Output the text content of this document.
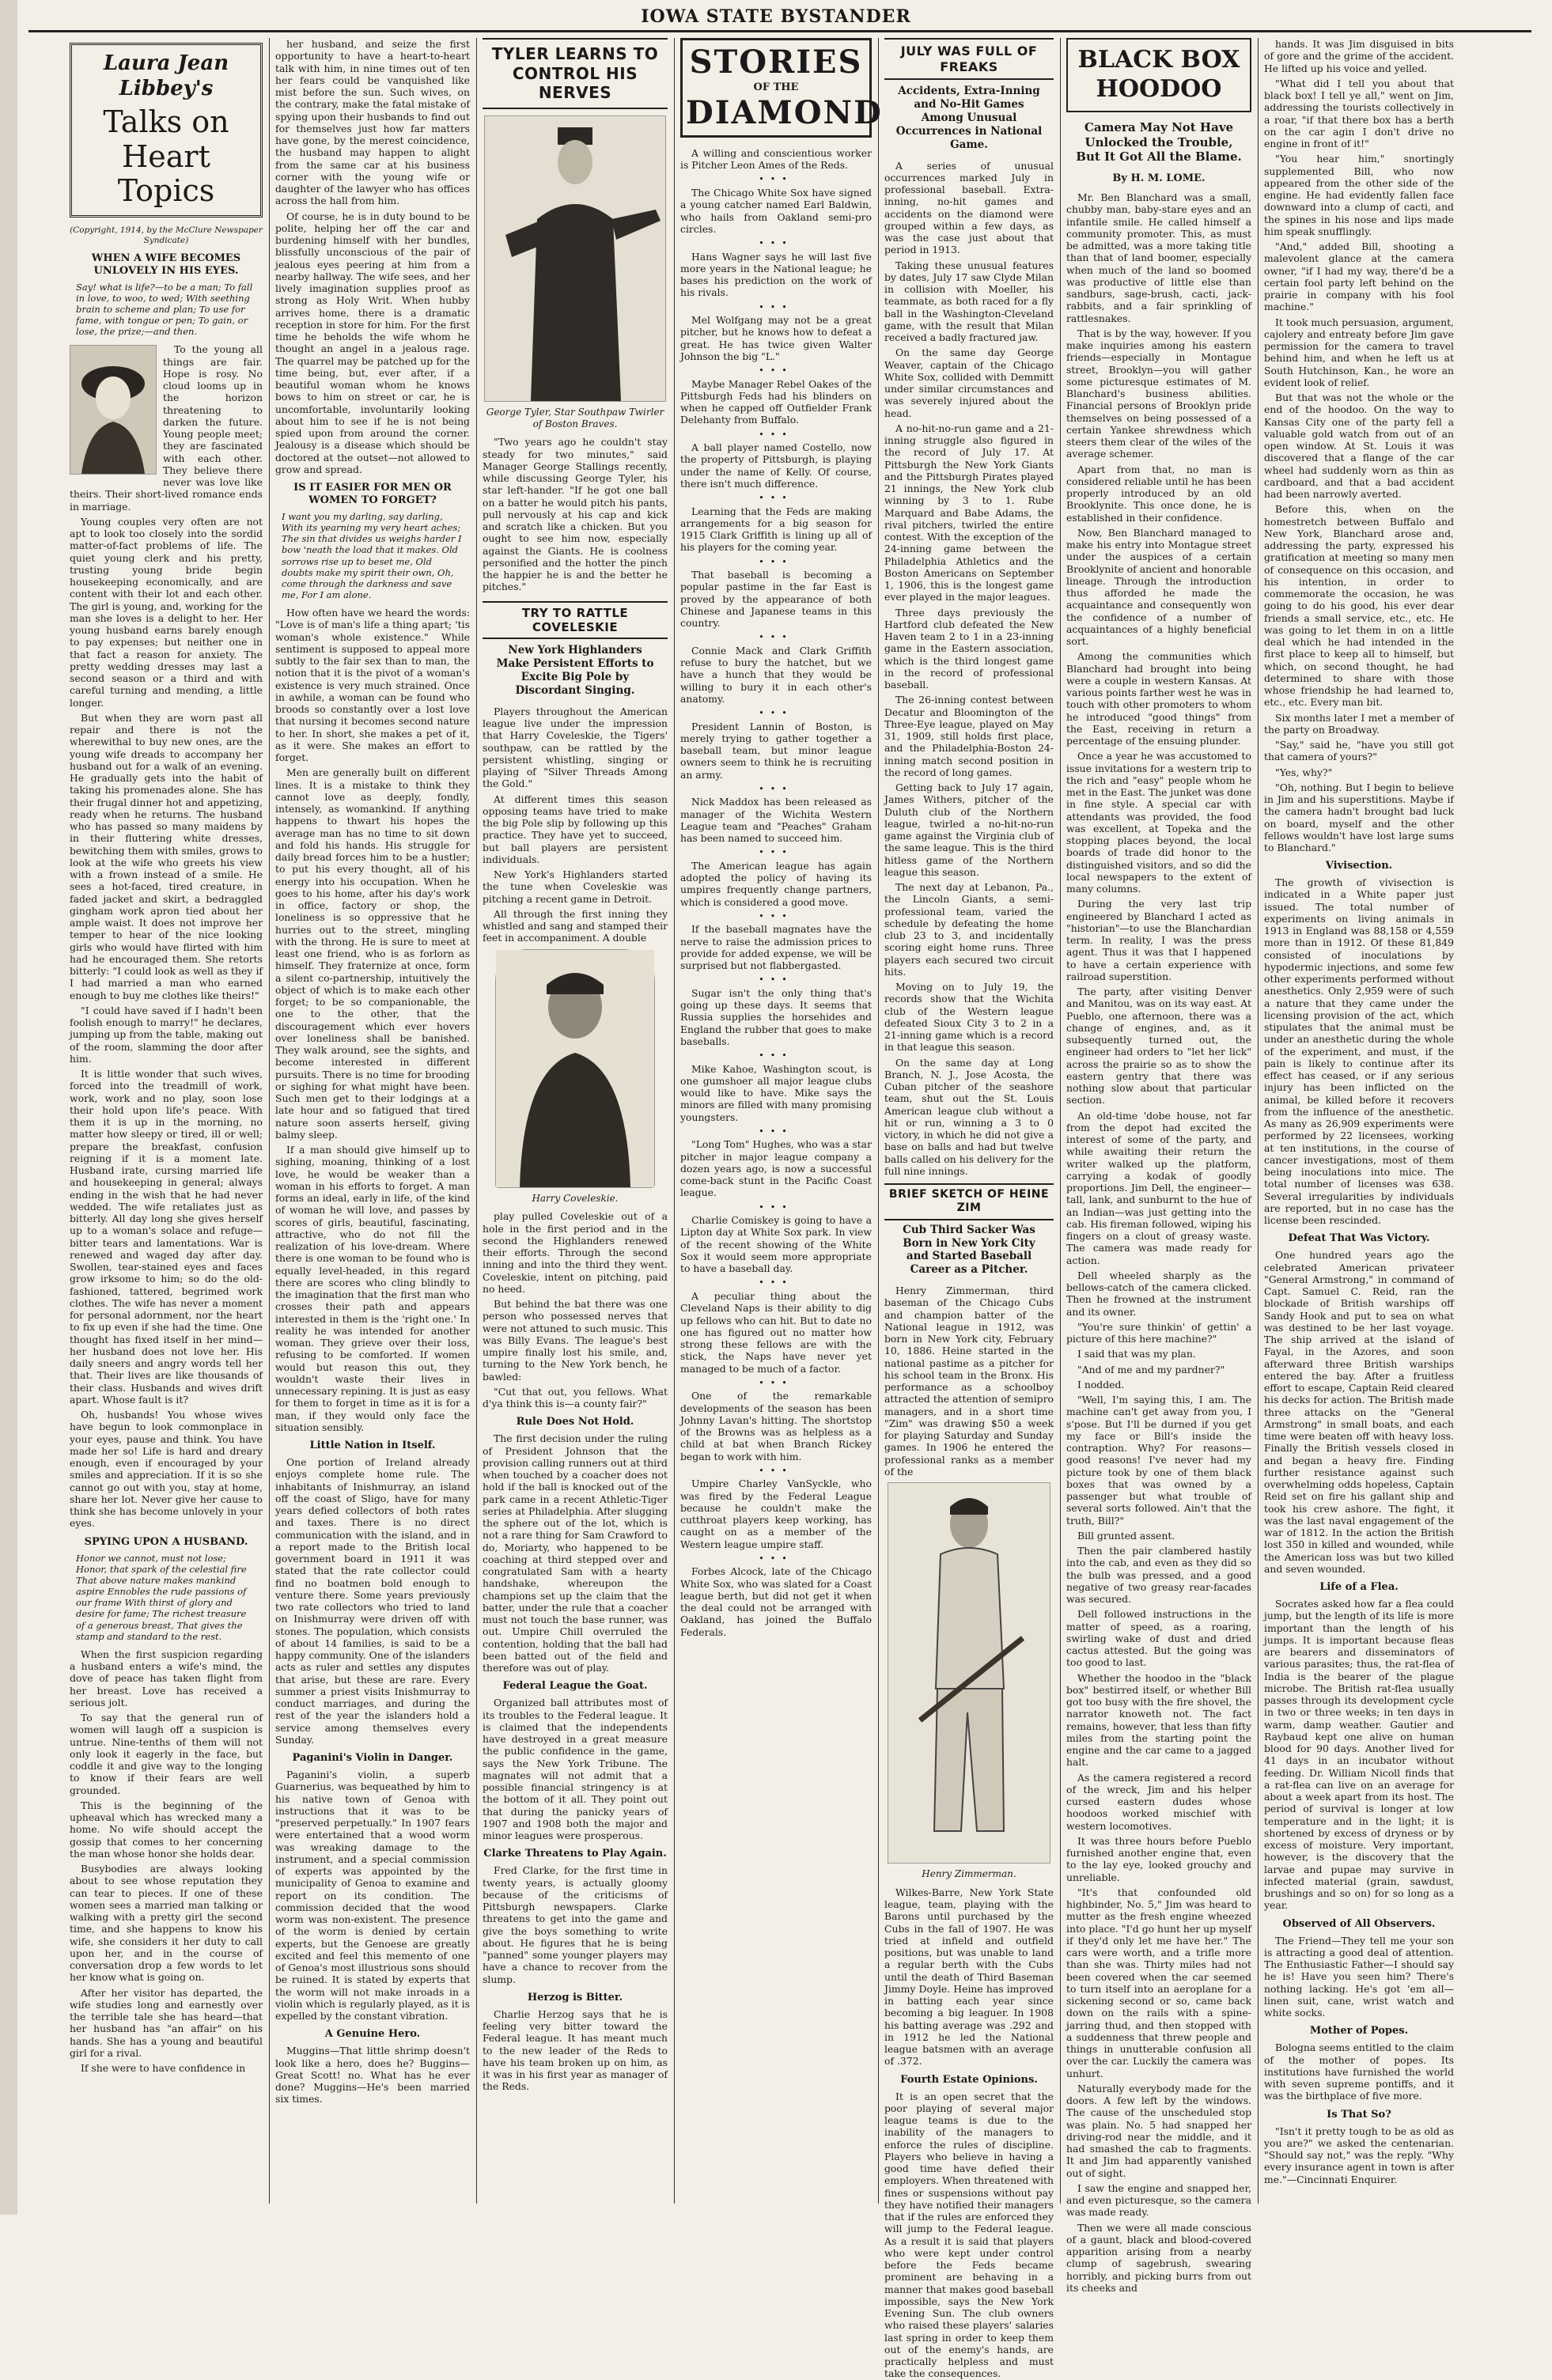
IOWA STATE BYSTANDER
Laura Jean Libbey's
Talks on Heart Topics
(Copyright, 1914, by the McClure Newspaper Syndicate)
WHEN A WIFE BECOMES UNLOVELY IN HIS EYES.
Say! what is life?—to be a man; To fall in love, to woo, to wed; With seething brain to scheme and plan; To use for fame, with tongue or pen; To gain, or lose, the prize;—and then.

To the young all things are fair. Hope is rosy. No cloud looms up in the horizon threatening to darken the future. Young people meet; they are fascinated with each other. They believe there never was love like theirs. Their short-lived romance ends in marriage.

Young couples very often are not apt to look too closely into the sordid matter-of-fact problems of life. The quiet young clerk and his pretty, trusting young bride begin housekeeping economically, and are content with their lot and each other. The girl is young, and, working for the man she loves is a delight to her. Her young husband earns barely enough to pay expenses; but neither one in that fact a reason for anxiety. The pretty wedding dresses may last a second season or a third and with careful turning and mending, a little longer.

But when they are worn past all repair and there is not the wherewithal to buy new ones, are the young wife dreads to accompany her husband out for a walk of an evening. He gradually gets into the habit of taking his promenades alone. She has their frugal dinner hot and appetizing, ready when he returns. The husband who has passed so many maidens by in their fluttering white dresses, bewitching them with smiles, grows to look at the wife who greets his view with a frown instead of a smile. He sees a hot-faced, tired creature, in faded jacket and skirt, a bedraggled gingham work apron tied about her ample waist. It does not improve her temper to hear of the nice looking girls who would have flirted with him had he encouraged them. She retorts bitterly: "I could look as well as they if I had married a man who earned enough to buy me clothes like theirs!"

"I could have saved if I hadn't been foolish enough to marry!" he declares, jumping up from the table, making out of the room, slamming the door after him.

It is little wonder that such wives, forced into the treadmill of work, work, work and no play, soon lose their hold upon life's peace. With them it is up in the morning, no matter how sleepy or tired, ill or well; prepare the breakfast, confusion reigning if it is a moment late. Husband irate, cursing married life and housekeeping in general; always ending in the wish that he had never wedded. The wife retaliates just as bitterly. All day long she gives herself up to a woman's solace and refuge—bitter tears and lamentations. War is renewed and waged day after day. Swollen, tear-stained eyes and faces grow irksome to him; so do the old-fashioned, tattered, begrimed work clothes. The wife has never a moment for personal adornment, nor the heart to fix up even if she had the time. One thought has fixed itself in her mind—her husband does not love her. His daily sneers and angry words tell her that. Their lives are like thousands of their class. Husbands and wives drift apart. Whose fault is it?

Oh, husbands! You whose wives have begun to look commonplace in your eyes, pause and think. You have made her so! Life is hard and dreary enough, even if encouraged by your smiles and appreciation. If it is so she cannot go out with you, stay at home, share her lot. Never give her cause to think she has become unlovely in your eyes.

SPYING UPON A HUSBAND.
Honor we cannot, must not lose; Honor, that spark of the celestial fire That above nature makes mankind aspire Ennobles the rude passions of our frame With thirst of glory and desire for fame; The richest treasure of a generous breast, That gives the stamp and standard to the rest.

When the first suspicion regarding a husband enters a wife's mind, the dove of peace has taken flight from her breast. Love has received a serious jolt.

To say that the general run of women will laugh off a suspicion is untrue. Nine-tenths of them will not only look it eagerly in the face, but coddle it and give way to the longing to know if their fears are well grounded.

This is the beginning of the upheaval which has wrecked many a home. No wife should accept the gossip that comes to her concerning the man whose honor she holds dear.

Busybodies are always looking about to see whose reputation they can tear to pieces. If one of these women sees a married man talking or walking with a pretty girl the second time, and she happens to know his wife, she considers it her duty to call upon her, and in the course of conversation drop a few words to let her know what is going on.

After her visitor has departed, the wife studies long and earnestly over the terrible tale she has heard—that her husband has "an affair" on his hands. She has a young and beautiful girl for a rival.

If she were to have confidence in

her husband, and seize the first opportunity to have a heart-to-heart talk with him, in nine times out of ten her fears could be vanquished like mist before the sun. Such wives, on the contrary, make the fatal mistake of spying upon their husbands to find out for themselves just how far matters have gone, by the merest coincidence, the husband may happen to alight from the same car at his business corner with the young wife or daughter of the lawyer who has offices across the hall from him.

Of course, he is in duty bound to be polite, helping her off the car and burdening himself with her bundles, blissfully unconscious of the pair of jealous eyes peering at him from a nearby hallway. The wife sees, and her lively imagination supplies proof as strong as Holy Writ. When hubby arrives home, there is a dramatic reception in store for him. For the first time he beholds the wife whom he thought an angel in a jealous rage. The quarrel may be patched up for the time being, but, ever after, if a beautiful woman whom he knows bows to him on street or car, he is uncomfortable, involuntarily looking about him to see if he is not being spied upon from around the corner. Jealousy is a disease which should be doctored at the outset—not allowed to grow and spread.

IS IT EASIER FOR MEN OR WOMEN TO FORGET?
I want you my darling, say darling, With its yearning my very heart aches; The sin that divides us weighs harder I bow 'neath the load that it makes. Old sorrows rise up to beset me, Old doubts make my spirit their own, Oh, come through the darkness and save me, For I am alone.

How often have we heard the words: "Love is of man's life a thing apart; 'tis woman's whole existence." While sentiment is supposed to appeal more subtly to the fair sex than to man, the notion that it is the pivot of a woman's existence is very much strained. Once in awhile, a woman can be found who broods so constantly over a lost love that nursing it becomes second nature to her. In short, she makes a pet of it, as it were. She makes an effort to forget.

Men are generally built on different lines. It is a mistake to think they cannot love as deeply, fondly, intensely, as womankind. If anything happens to thwart his hopes the average man has no time to sit down and fold his hands. His struggle for daily bread forces him to be a hustler; to put his every thought, all of his energy into his occupation. When he goes to his home, after his day's work in office, factory or shop, the loneliness is so oppressive that he hurries out to the street, mingling with the throng. He is sure to meet at least one friend, who is as forlorn as himself. They fraternize at once, form a silent co-partnership, intuitively the object of which is to make each other forget; to be so companionable, the one to the other, that the discouragement which ever hovers over loneliness shall be banished. They walk around, see the sights, and become interested in different pursuits. There is no time for brooding or sighing for what might have been. Such men get to their lodgings at a late hour and so fatigued that tired nature soon asserts herself, giving balmy sleep.

If a man should give himself up to sighing, moaning, thinking of a lost love, he would be weaker than a woman in his efforts to forget. A man forms an ideal, early in life, of the kind of woman he will love, and passes by scores of girls, beautiful, fascinating, attractive, who do not fill the realization of his love-dream. Where there is one woman to be found who is equally level-headed, in this regard there are scores who cling blindly to the imagination that the first man who crosses their path and appears interested in them is the 'right one.' In reality he was intended for another woman. They grieve over their loss, refusing to be comforted. If women would but reason this out, they wouldn't waste their lives in unnecessary repining. It is just as easy for them to forget in time as it is for a man, if they would only face the situation sensibly.

Little Nation in Itself.

One portion of Ireland already enjoys complete home rule. The inhabitants of Inishmurray, an island off the coast of Sligo, have for many years defied collectors of both rates and taxes. There is no direct communication with the island, and in a report made to the British local government board in 1911 it was stated that the rate collector could find no boatmen bold enough to venture there. Some years previously two rate collectors who tried to land on Inishmurray were driven off with stones. The population, which consists of about 14 families, is said to be a happy community. One of the islanders acts as ruler and settles any disputes that arise, but these are rare. Every summer a priest visits Inishmurray to conduct marriages, and during the rest of the year the islanders hold a service among themselves every Sunday.

Paganini's Violin in Danger.

Paganini's violin, a superb Guarnerius, was bequeathed by him to his native town of Genoa with instructions that it was to be "preserved perpetually." In 1907 fears were entertained that a wood worm was wreaking damage to the instrument, and a special commission of experts was appointed by the municipality of Genoa to examine and report on its condition. The commission decided that the wood worm was non-existent. The presence of the worm is denied by certain experts, but the Genoese are greatly excited and feel this memento of one of Genoa's most illustrious sons should be ruined. It is stated by experts that the worm will not make inroads in a violin which is regularly played, as it is expelled by the constant vibration.

A Genuine Hero.

Muggins—That little shrimp doesn't look like a hero, does he? Buggins—Great Scott! no. What has he ever done? Muggins—He's been married six times.

TYLER LEARNS TO CONTROL HIS NERVES
George Tyler, Star Southpaw Twirler of Boston Braves.

"Two years ago he couldn't stay steady for two minutes," said Manager George Stallings recently, while discussing George Tyler, his star left-hander. "If he got one ball on a batter he would pitch his pants, pull nervously at his cap and kick and scratch like a chicken. But you ought to see him now, especially against the Giants. He is coolness personified and the hotter the pinch the happier he is and the better he pitches."

TRY TO RATTLE COVELESKIE
New York Highlanders Make Persistent Efforts to Excite Big Pole by Discordant Singing.

Players throughout the American league live under the impression that Harry Coveleskie, the Tigers' southpaw, can be rattled by the persistent whistling, singing or playing of "Silver Threads Among the Gold."

At different times this season opposing teams have tried to make the big Pole slip by following up this practice. They have yet to succeed, but ball players are persistent individuals.

New York's Highlanders started the tune when Coveleskie was pitching a recent game in Detroit.

All through the first inning they whistled and sang and stamped their feet in accompaniment. A double

Harry Coveleskie.

play pulled Coveleskie out of a hole in the first period and in the second the Highlanders renewed their efforts. Through the second inning and into the third they went. Coveleskie, intent on pitching, paid no heed.

But behind the bat there was one person who possessed nerves that were not attuned to such music. This was Billy Evans. The league's best umpire finally lost his smile, and, turning to the New York bench, he bawled:

"Cut that out, you fellows. What d'ya think this is—a county fair?"

Rule Does Not Hold.

The first decision under the ruling of President Johnson that the provision calling runners out at third when touched by a coacher does not hold if the ball is knocked out of the park came in a recent Athletic-Tiger series at Philadelphia. After slugging the sphere out of the lot, which is not a rare thing for Sam Crawford to do, Moriarty, who happened to be coaching at third stepped over and congratulated Sam with a hearty handshake, whereupon the champions set up the claim that the batter, under the rule that a coacher must not touch the base runner, was out. Umpire Chill overruled the contention, holding that the ball had been batted out of the field and therefore was out of play.

Federal League the Goat.

Organized ball attributes most of its troubles to the Federal league. It is claimed that the independents have destroyed in a great measure the public confidence in the game, says the New York Tribune. The magnates will not admit that a possible financial stringency is at the bottom of it all. They point out that during the panicky years of 1907 and 1908 both the major and minor leagues were prosperous.

Clarke Threatens to Play Again.

Fred Clarke, for the first time in twenty years, is actually gloomy because of the criticisms of Pittsburgh newspapers. Clarke threatens to get into the game and give the boys something to write about. He figures that he is being "panned" some younger players may have a chance to recover from the slump.

Herzog is Bitter.

Charlie Herzog says that he is feeling very bitter toward the Federal league. It has meant much to the new leader of the Reds to have his team broken up on him, as it was in his first year as manager of the Reds.

STORIES
OF THE
DIAMOND

A willing and conscientious worker is Pitcher Leon Ames of the Reds.

•••

The Chicago White Sox have signed a young catcher named Earl Baldwin, who hails from Oakland semi-pro circles.

•••

Hans Wagner says he will last five more years in the National league; he bases his prediction on the work of his rivals.

•••

Mel Wolfgang may not be a great pitcher, but he knows how to defeat a great. He has twice given Walter Johnson the big "L."

•••

Maybe Manager Rebel Oakes of the Pittsburgh Feds had his blinders on when he capped off Outfielder Frank Delehanty from Buffalo.

•••

A ball player named Costello, now the property of Pittsburgh, is playing under the name of Kelly. Of course, there isn't much difference.

•••

Learning that the Feds are making arrangements for a big season for 1915 Clark Griffith is lining up all of his players for the coming year.

•••

That baseball is becoming a popular pastime in the far East is proved by the appearance of both Chinese and Japanese teams in this country.

•••

Connie Mack and Clark Griffith refuse to bury the hatchet, but we have a hunch that they would be willing to bury it in each other's anatomy.

•••

President Lannin of Boston, is merely trying to gather together a baseball team, but minor league owners seem to think he is recruiting an army.

•••

Nick Maddox has been released as manager of the Wichita Western League team and "Peaches" Graham has been named to succeed him.

•••

The American league has again adopted the policy of having its umpires frequently change partners, which is considered a good move.

•••

If the baseball magnates have the nerve to raise the admission prices to provide for added expense, we will be surprised but not flabbergasted.

•••

Sugar isn't the only thing that's going up these days. It seems that Russia supplies the horsehides and England the rubber that goes to make baseballs.

•••

Mike Kahoe, Washington scout, is one gumshoer all major league clubs would like to have. Mike says the minors are filled with many promising youngsters.

•••

"Long Tom" Hughes, who was a star pitcher in major league company a dozen years ago, is now a successful come-back stunt in the Pacific Coast league.

•••

Charlie Comiskey is going to have a Lipton day at White Sox park. In view of the recent showing of the White Sox it would seem more appropriate to have a baseball day.

•••

A peculiar thing about the Cleveland Naps is their ability to dig up fellows who can hit. But to date no one has figured out no matter how strong these fellows are with the stick, the Naps have never yet managed to be much of a factor.

•••

One of the remarkable developments of the season has been Johnny Lavan's hitting. The shortstop of the Browns was as helpless as a child at bat when Branch Rickey began to work with him.

•••

Umpire Charley VanSyckle, who was fired by the Federal League because he couldn't make the cutthroat players keep working, has caught on as a member of the Western league umpire staff.

•••

Forbes Alcock, late of the Chicago White Sox, who was slated for a Coast league berth, but did not get it when the deal could not be arranged with Oakland, has joined the Buffalo Federals.

JULY WAS FULL OF FREAKS
Accidents, Extra-Inning and No-Hit Games Among Unusual Occurrences in National Game.

A series of unusual occurrences marked July in professional baseball. Extra-inning, no-hit games and accidents on the diamond were grouped within a few days, as was the case just about that period in 1913.

Taking these unusual features by dates, July 17 saw Clyde Milan in collision with Moeller, his teammate, as both raced for a fly ball in the Washington-Cleveland game, with the result that Milan received a badly fractured jaw.

On the same day George Weaver, captain of the Chicago White Sox, collided with Demmitt under similar circumstances and was severely injured about the head.

A no-hit-no-run game and a 21-inning struggle also figured in the record of July 17. At Pittsburgh the New York Giants and the Pittsburgh Pirates played 21 innings, the New York club winning by 3 to 1. Rube Marquard and Babe Adams, the rival pitchers, twirled the entire contest. With the exception of the 24-inning game between the Philadelphia Athletics and the Boston Americans on September 1, 1906, this is the longest game ever played in the major leagues.

Three days previously the Hartford club defeated the New Haven team 2 to 1 in a 23-inning game in the Eastern association, which is the third longest game in the record of professional baseball.

The 26-inning contest between Decatur and Bloomington of the Three-Eye league, played on May 31, 1909, still holds first place, and the Philadelphia-Boston 24-inning match second position in the record of long games.

Getting back to July 17 again, James Withers, pitcher of the Duluth club of the Northern league, twirled a no-hit-no-run game against the Virginia club of the same league. This is the third hitless game of the Northern league this season.

The next day at Lebanon, Pa., the Lincoln Giants, a semi-professional team, varied the schedule by defeating the home club 23 to 3, and incidentally scoring eight home runs. Three players each secured two circuit hits.

Moving on to July 19, the records show that the Wichita club of the Western league defeated Sioux City 3 to 2 in a 21-inning game which is a record in that league this season.

On the same day at Long Branch, N. J., Jose Acosta, the Cuban pitcher of the seashore team, shut out the St. Louis American league club without a hit or run, winning a 3 to 0 victory, in which he did not give a base on balls and had but twelve balls called on his delivery for the full nine innings.

BRIEF SKETCH OF HEINE ZIM
Cub Third Sacker Was Born in New York City and Started Baseball Career as a Pitcher.

Henry Zimmerman, third baseman of the Chicago Cubs and champion batter of the National league in 1912, was born in New York city, February 10, 1886. Heine started in the national pastime as a pitcher for his school team in the Bronx. His performance as a schoolboy attracted the attention of semipro managers, and in a short time "Zim" was drawing $50 a week for playing Saturday and Sunday games. In 1906 he entered the professional ranks as a member of the

Henry Zimmerman.

Wilkes-Barre, New York State league, team, playing with the Barons until purchased by the Cubs in the fall of 1907. He was tried at infield and outfield positions, but was unable to land a regular berth with the Cubs until the death of Third Baseman Jimmy Doyle. Heine has improved in batting each year since becoming a big leaguer. In 1908 his batting average was .292 and in 1912 he led the National league batsmen with an average of .372.

Fourth Estate Opinions.

It is an open secret that the poor playing of several major league teams is due to the inability of the managers to enforce the rules of discipline. Players who believe in having a good time have defied their employers. When threatened with fines or suspensions without pay they have notified their managers that if the rules are enforced they will jump to the Federal league. As a result it is said that players who were kept under control before the Feds became prominent are behaving in a manner that makes good baseball impossible, says the New York Evening Sun. The club owners who raised these players' salaries last spring in order to keep them out of the enemy's hands, are practically helpless and must take the consequences.

BLACK BOX HOODOO
Camera May Not Have Unlocked the Trouble, But It Got All the Blame.
By H. M. LOME.

Mr. Ben Blanchard was a small, chubby man, baby-stare eyes and an infantile smile. He called himself a community promoter. This, as must be admitted, was a more taking title than that of land boomer, especially when much of the land so boomed was productive of little else than sandburs, sage-brush, cacti, jack-rabbits, and a fair sprinkling of rattlesnakes.

That is by the way, however. If you make inquiries among his eastern friends—especially in Montague street, Brooklyn—you will gather some picturesque estimates of M. Blanchard's business abilities. Financial persons of Brooklyn pride themselves on being possessed of a certain Yankee shrewdness which steers them clear of the wiles of the average schemer.

Apart from that, no man is considered reliable until he has been properly introduced by an old Brooklynite. This once done, he is established in their confidence.

Now, Ben Blanchard managed to make his entry into Montague street under the auspices of a certain Brooklynite of ancient and honorable lineage. Through the introduction thus afforded he made the acquaintance and consequently won the confidence of a number of acquaintances of a highly beneficial sort.

Among the communities which Blanchard had brought into being were a couple in western Kansas. At various points farther west he was in touch with other promoters to whom he introduced "good things" from the East, receiving in return a percentage of the ensuing plunder.

Once a year he was accustomed to issue invitations for a western trip to the rich and "easy" people whom he met in the East. The junket was done in fine style. A special car with attendants was provided, the food was excellent, at Topeka and the stopping places beyond, the local boards of trade did honor to the distinguished visitors, and so did the local newspapers to the extent of many columns.

During the very last trip engineered by Blanchard I acted as "historian"—to use the Blanchardian term. In reality, I was the press agent. Thus it was that I happened to have a certain experience with railroad superstition.

The party, after visiting Denver and Manitou, was on its way east. At Pueblo, one afternoon, there was a change of engines, and, as it subsequently turned out, the engineer had orders to "let her lick" across the prairie so as to show the eastern gentry that there was nothing slow about that particular section.

An old-time 'dobe house, not far from the depot had excited the interest of some of the party, and while awaiting their return the writer walked up the platform, carrying a kodak of goodly proportions. Jim Dell, the engineer—tall, lank, and sunburnt to the hue of an Indian—was just getting into the cab. His fireman followed, wiping his fingers on a clout of greasy waste. The camera was made ready for action.

Dell wheeled sharply as the bellows-catch of the camera clicked. Then he frowned at the instrument and its owner.

"You're sure thinkin' of gettin' a picture of this here machine?"

I said that was my plan.

"And of me and my pardner?"

I nodded.

"Well, I'm saying this, I am. The machine can't get away from you, I s'pose. But I'll be durned if you get my face or Bill's inside the contraption. Why? For reasons—good reasons! I've never had my picture took by one of them black boxes that was owned by a passenger but what trouble of several sorts followed. Ain't that the truth, Bill?"

Bill grunted assent.

Then the pair clambered hastily into the cab, and even as they did so the bulb was pressed, and a good negative of two greasy rear-facades was secured.

Dell followed instructions in the matter of speed, as a roaring, swirling wake of dust and dried cactus attested. But the going was too good to last.

Whether the hoodoo in the "black box" bestirred itself, or whether Bill got too busy with the fire shovel, the narrator knoweth not. The fact remains, however, that less than fifty miles from the starting point the engine and the car came to a jagged halt.

As the camera registered a record of the wreck, Jim and his helper cursed eastern dudes whose hoodoos worked mischief with western locomotives.

It was three hours before Pueblo furnished another engine that, even to the lay eye, looked grouchy and unreliable.

"It's that confounded old highbinder, No. 5," Jim was heard to mutter as the fresh engine wheezed into place. "I'd go hunt her up myself if they'd only let me have her." The cars were worth, and a trifle more than she was. Thirty miles had not been covered when the car seemed to turn itself into an aeroplane for a sickening second or so, came back down on the rails with a spine-jarring thud, and then stopped with a suddenness that threw people and things in unutterable confusion all over the car. Luckily the camera was unhurt.

Naturally everybody made for the doors. A few left by the windows. The cause of the unscheduled stop was plain. No. 5 had snapped her driving-rod near the middle, and it had smashed the cab to fragments. It and Jim had apparently vanished out of sight.

I saw the engine and snapped her, and even picturesque, so the camera was made ready.

Then we were all made conscious of a gaunt, black and blood-covered apparition arising from a nearby clump of sagebrush, swearing horribly, and picking burrs from out its cheeks and

hands. It was Jim disguised in bits of gore and the grime of the accident. He lifted up his voice and yelled.

"What did I tell you about that black box! I tell ye all," went on Jim, addressing the tourists collectively in a roar, "if that there box has a berth on the car agin I don't drive no engine in front of it!"

"You hear him," snortingly supplemented Bill, who now appeared from the other side of the engine. He had evidently fallen face downward into a clump of cacti, and the spines in his nose and lips made him speak snufflingly.

"And," added Bill, shooting a malevolent glance at the camera owner, "if I had my way, there'd be a certain fool party left behind on the prairie in company with his fool machine."

It took much persuasion, argument, cajolery and entreaty before Jim gave permission for the camera to travel behind him, and when he left us at South Hutchinson, Kan., he wore an evident look of relief.

But that was not the whole or the end of the hoodoo. On the way to Kansas City one of the party fell a valuable gold watch from out of an open window. At St. Louis it was discovered that a flange of the car wheel had suddenly worn as thin as cardboard, and that a bad accident had been narrowly averted.

Before this, when on the homestretch between Buffalo and New York, Blanchard arose and, addressing the party, expressed his gratification at meeting so many men of consequence on this occasion, and his intention, in order to commemorate the occasion, he was going to do his good, his ever dear friends a small service, etc., etc. He was going to let them in on a little deal which he had intended in the first place to keep all to himself, but which, on second thought, he had determined to share with those whose friendship he had learned to, etc., etc. Every man bit.

Six months later I met a member of the party on Broadway.

"Say," said he, "have you still got that camera of yours?"

"Yes, why?"

"Oh, nothing. But I begin to believe in Jim and his superstitions. Maybe if the camera hadn't brought bad luck on board, myself and the other fellows wouldn't have lost large sums to Blanchard."

Vivisection.

The growth of vivisection is indicated in a White paper just issued. The total number of experiments on living animals in 1913 in England was 88,158 or 4,559 more than in 1912. Of these 81,849 consisted of inoculations by hypodermic injections, and some few other experiments performed without anesthetics. Only 2,959 were of such a nature that they came under the licensing provision of the act, which stipulates that the animal must be under an anesthetic during the whole of the experiment, and must, if the pain is likely to continue after its effect has ceased, or if any serious injury has been inflicted on the animal, be killed before it recovers from the influence of the anesthetic. As many as 26,909 experiments were performed by 22 licensees, working at ten institutions, in the course of cancer investigations, most of them being inoculations into mice. The total number of licenses was 638. Several irregularities by individuals are reported, but in no case has the license been rescinded.

Defeat That Was Victory.

One hundred years ago the celebrated American privateer "General Armstrong," in command of Capt. Samuel C. Reid, ran the blockade of British warships off Sandy Hook and put to sea on what was destined to be her last voyage. The ship arrived at the island of Fayal, in the Azores, and soon afterward three British warships entered the bay. After a fruitless effort to escape, Captain Reid cleared his decks for action. The British made three attacks on the "General Armstrong" in small boats, and each time were beaten off with heavy loss. Finally the British vessels closed in and began a heavy fire. Finding further resistance against such overwhelming odds hopeless, Captain Reid set on fire his gallant ship and took his crew ashore. The fight, it was the last naval engagement of the war of 1812. In the action the British lost 350 in killed and wounded, while the American loss was but two killed and seven wounded.

Life of a Flea.

Socrates asked how far a flea could jump, but the length of its life is more important than the length of his jumps. It is important because fleas are bearers and disseminators of various parasites; thus, the rat-flea of India is the bearer of the plague microbe. The British rat-flea usually passes through its development cycle in two or three weeks; in ten days in warm, damp weather. Gautier and Raybaud kept one alive on human blood for 90 days. Another lived for 41 days in an incubator without feeding. Dr. William Nicoll finds that a rat-flea can live on an average for about a week apart from its host. The period of survival is longer at low temperature and in the light; it is shortened by excess of dryness or by excess of moisture. Very important, however, is the discovery that the larvae and pupae may survive in infected material (grain, sawdust, brushings and so on) for so long as a year.

Observed of All Observers.

The Friend—They tell me your son is attracting a good deal of attention. The Enthusiastic Father—I should say he is! Have you seen him? There's nothing lacking. He's got 'em all—linen suit, cane, wrist watch and white socks.

Mother of Popes.

Bologna seems entitled to the claim of the mother of popes. Its institutions have furnished the world with seven supreme pontiffs, and it was the birthplace of five more.

Is That So?

"Isn't it pretty tough to be as old as you are?" we asked the centenarian. "Should say not," was the reply. "Why every insurance agent in town is after me."—Cincinnati Enquirer.
